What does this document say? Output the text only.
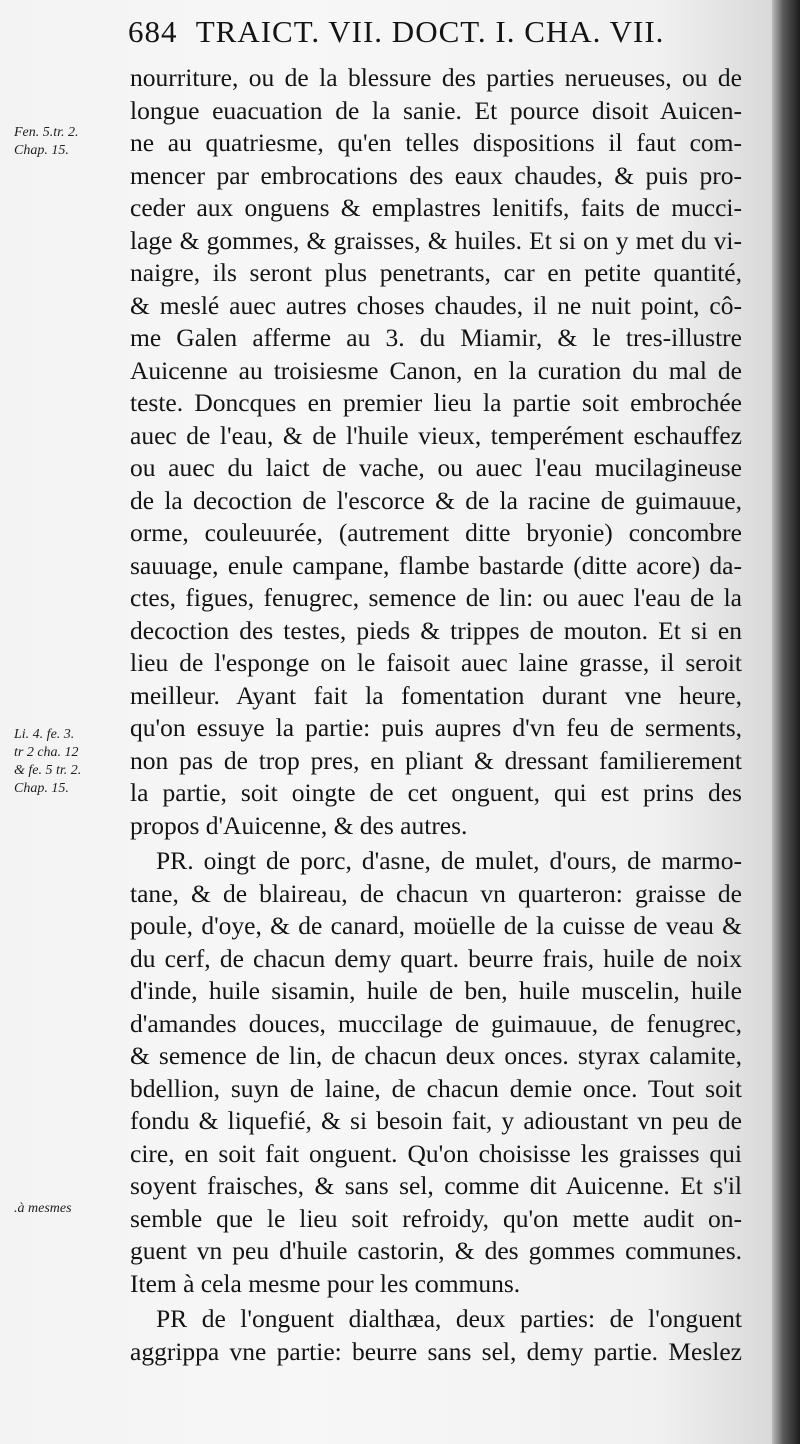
684 TRAICT. VII. DOCT. I. CHA. VII.
Fen. 5.tr. 2.
Chap. 15.
Li. 4. fe. 3.
tr 2 cha. 12
& fe. 5 tr. 2.
Chap. 15.
.à mesmes
nourriture, ou de la blessure des parties nerueuses, ou de
longue euacuation de la sanie. Et pource disoit Auicen-
ne au quatriesme, qu'en telles dispositions il faut com-
mencer par embrocations des eaux chaudes, & puis pro-
ceder aux onguens & emplastres lenitifs, faits de mucci-
lage & gommes, & graisses, & huiles. Et si on y met du vi-
naigre, ils seront plus penetrants, car en petite quantité,
& meslé auec autres choses chaudes, il ne nuit point, cô-
me Galen afferme au 3. du Miamir, & le tres-illustre
Auicenne au troisiesme Canon, en la curation du mal de
teste. Doncques en premier lieu la partie soit embrochée
auec de l'eau, & de l'huile vieux, temperément eschauffez
ou auec du laict de vache, ou auec l'eau mucilagineuse
de la decoction de l'escorce & de la racine de guimauue,
orme, couleuurée, (autrement ditte bryonie) concombre
sauuage, enule campane, flambe bastarde (ditte acore) da-
ctes, figues, fenugrec, semence de lin: ou auec l'eau de la
decoction des testes, pieds & trippes de mouton. Et si en
lieu de l'esponge on le faisoit auec laine grasse, il seroit
meilleur. Ayant fait la fomentation durant vne heure,
qu'on essuye la partie: puis aupres d'vn feu de serments,
non pas de trop pres, en pliant & dressant familierement
la partie, soit oingte de cet onguent, qui est prins des
propos d'Auicenne, & des autres.
PR. oingt de porc, d'asne, de mulet, d'ours, de marmo-
tane, & de blaireau, de chacun vn quarteron: graisse de
poule, d'oye, & de canard, moüelle de la cuisse de veau &
du cerf, de chacun demy quart. beurre frais, huile de noix
d'inde, huile sisamin, huile de ben, huile muscelin, huile
d'amandes douces, muccilage de guimauue, de fenugrec,
& semence de lin, de chacun deux onces. styrax calamite,
bdellion, suyn de laine, de chacun demie once. Tout soit
fondu & liquefié, & si besoin fait, y adioustant vn peu de
cire, en soit fait onguent. Qu'on choisisse les graisses qui
soyent fraisches, & sans sel, comme dit Auicenne. Et s'il
semble que le lieu soit refroidy, qu'on mette audit on-
guent vn peu d'huile castorin, & des gommes communes.
Item à cela mesme pour les communs.
PR de l'onguent dialthæa, deux parties: de l'onguent
aggrippa vne partie: beurre sans sel, demy partie. Meslez
